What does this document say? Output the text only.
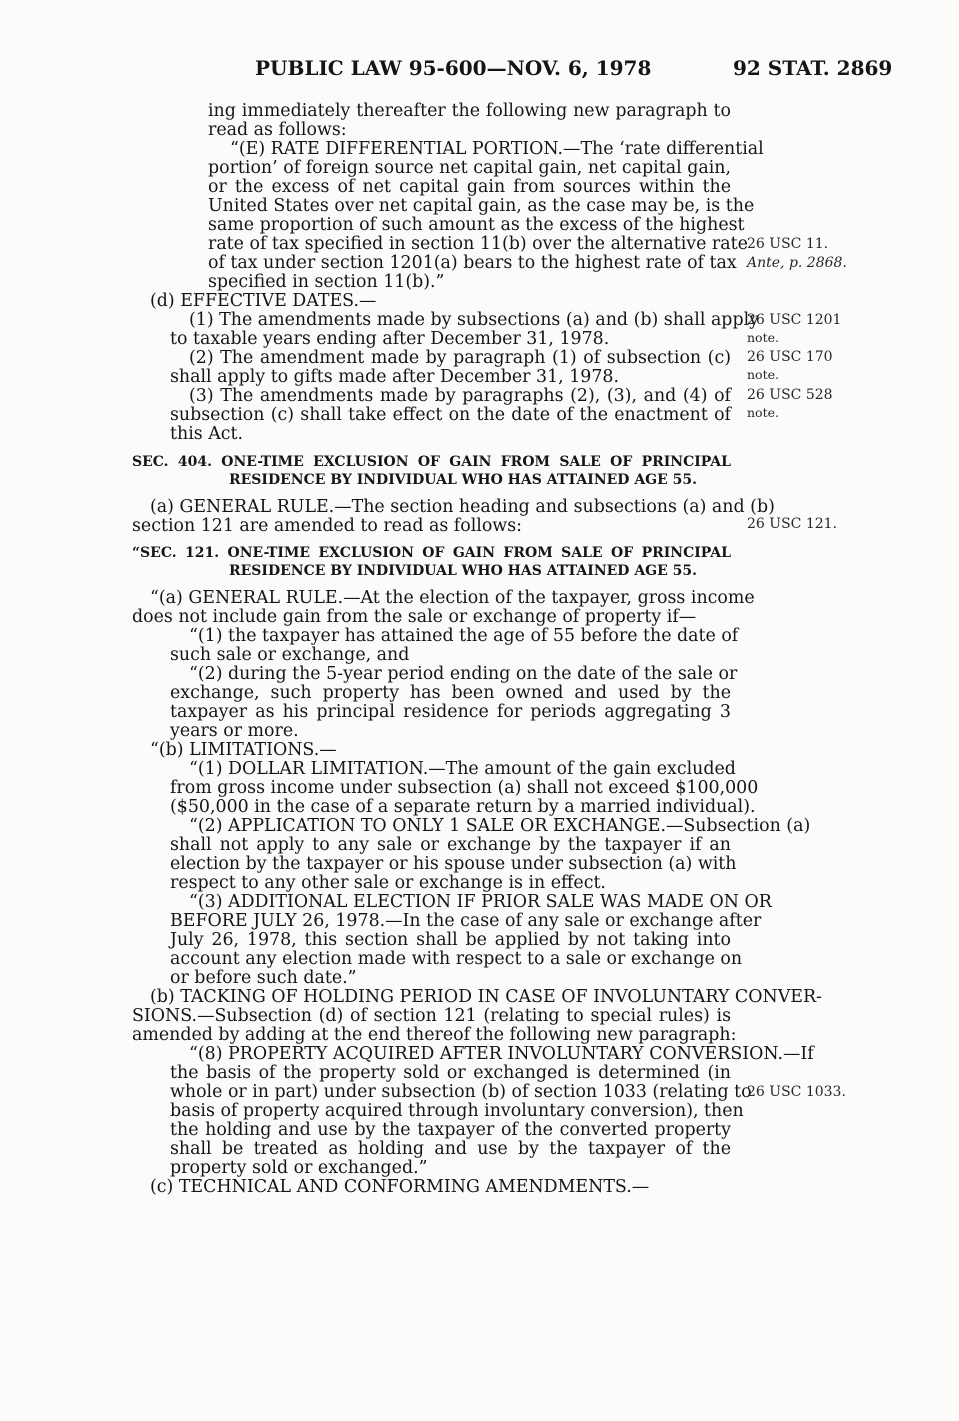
PUBLIC LAW 95-600—NOV. 6, 1978	92 STAT. 2869
ing immediately thereafter the following new paragraph to
read as follows:
“(E) RATE DIFFERENTIAL PORTION.—The ‘rate differential
portion’ of foreign source net capital gain, net capital gain,
or the excess of net capital gain from sources within the
United States over net capital gain, as the case may be, is the
same proportion of such amount as the excess of the highest
rate of tax specified in section 11(b) over the alternative rate
of tax under section 1201(a) bears to the highest rate of tax
specified in section 11(b).”
(d) EFFECTIVE DATES.—
(1) The amendments made by subsections (a) and (b) shall apply
to taxable years ending after December 31, 1978.
(2) The amendment made by paragraph (1) of subsection (c)
shall apply to gifts made after December 31, 1978.
(3) The amendments made by paragraphs (2), (3), and (4) of
subsection (c) shall take effect on the date of the enactment of
this Act.
SEC. 404. ONE-TIME EXCLUSION OF GAIN FROM SALE OF PRINCIPAL
RESIDENCE BY INDIVIDUAL WHO HAS ATTAINED AGE 55.
(a) GENERAL RULE.—The section heading and subsections (a) and (b)
section 121 are amended to read as follows:
“SEC. 121. ONE-TIME EXCLUSION OF GAIN FROM SALE OF PRINCIPAL
RESIDENCE BY INDIVIDUAL WHO HAS ATTAINED AGE 55.
“(a) GENERAL RULE.—At the election of the taxpayer, gross income
does not include gain from the sale or exchange of property if—
“(1) the taxpayer has attained the age of 55 before the date of
such sale or exchange, and
“(2) during the 5-year period ending on the date of the sale or
exchange, such property has been owned and used by the
taxpayer as his principal residence for periods aggregating 3
years or more.
“(b) LIMITATIONS.—
“(1) DOLLAR LIMITATION.—The amount of the gain excluded
from gross income under subsection (a) shall not exceed $100,000
($50,000 in the case of a separate return by a married individual).
“(2) APPLICATION TO ONLY 1 SALE OR EXCHANGE.—Subsection (a)
shall not apply to any sale or exchange by the taxpayer if an
election by the taxpayer or his spouse under subsection (a) with
respect to any other sale or exchange is in effect.
“(3) ADDITIONAL ELECTION IF PRIOR SALE WAS MADE ON OR
BEFORE JULY 26, 1978.—In the case of any sale or exchange after
July 26, 1978, this section shall be applied by not taking into
account any election made with respect to a sale or exchange on
or before such date.”
(b) TACKING OF HOLDING PERIOD IN CASE OF INVOLUNTARY CONVER-
SIONS.—Subsection (d) of section 121 (relating to special rules) is
amended by adding at the end thereof the following new paragraph:
“(8) PROPERTY ACQUIRED AFTER INVOLUNTARY CONVERSION.—If
the basis of the property sold or exchanged is determined (in
whole or in part) under subsection (b) of section 1033 (relating to
basis of property acquired through involuntary conversion), then
the holding and use by the taxpayer of the converted property
shall be treated as holding and use by the taxpayer of the
property sold or exchanged.”
(c) TECHNICAL AND CONFORMING AMENDMENTS.—
26 USC 11.
Ante, p. 2868.
26 USC 1201
note.
26 USC 170
note.
26 USC 528
note.
26 USC 121.
26 USC 1033.
